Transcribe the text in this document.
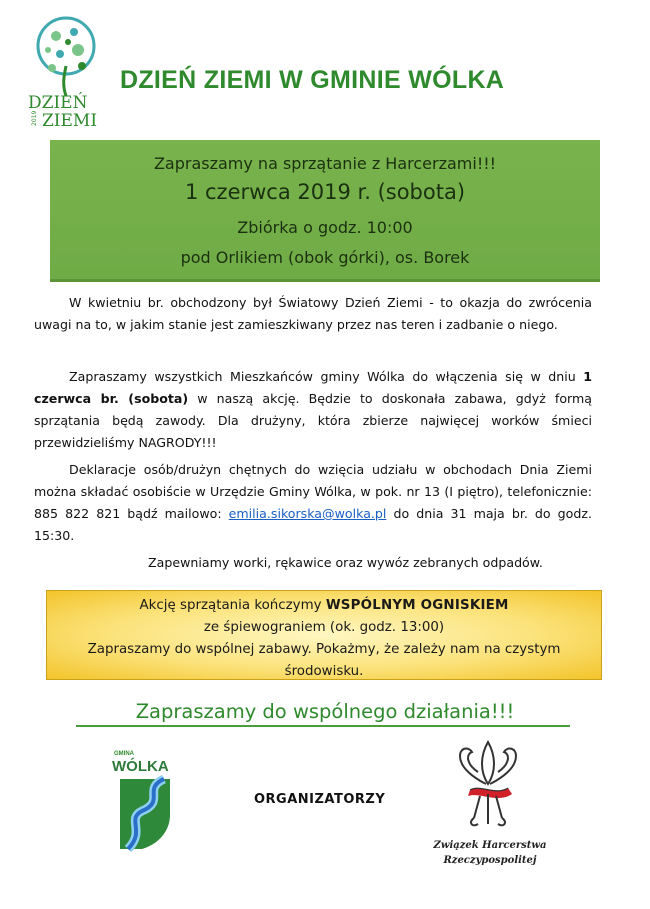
DZIEŃ
ZIEMI
2019
DZIEŃ ZIEMI W GMINIE WÓLKA
Zapraszamy na sprzątanie z Harcerzami!!!
1 czerwca 2019 r. (sobota)
Zbiórka o godz. 10:00
pod Orlikiem (obok górki), os. Borek
W kwietniu br. obchodzony był Światowy Dzień Ziemi - to okazja do zwrócenia uwagi na to, w jakim stanie jest zamieszkiwany przez nas teren i zadbanie o niego.
Zapraszamy wszystkich Mieszkańców gminy Wólka do włączenia się w dniu 1 czerwca br. (sobota) w naszą akcję. Będzie to doskonała zabawa, gdyż formą sprzątania będą zawody. Dla drużyny, która zbierze najwięcej worków śmieci przewidzieliśmy NAGRODY!!!
Deklaracje osób/drużyn chętnych do wzięcia udziału w obchodach Dnia Ziemi można składać osobiście w Urzędzie Gminy Wólka, w pok. nr 13 (I piętro), telefonicznie: 885 822 821 bądź mailowo: emilia.sikorska@wolka.pl do dnia 31 maja br. do godz. 15:30.
Zapewniamy worki, rękawice oraz wywóz zebranych odpadów.
Akcję sprzątania kończymy WSPÓLNYM OGNISKIEM
ze śpiewograniem (ok. godz. 13:00)
Zapraszamy do wspólnej zabawy. Pokażmy, że zależy nam na czystym środowisku.
Zapraszamy do wspólnego działania!!!
GMINA
WÓLKA
ORGANIZATORZY
Związek Harcerstwa
Rzeczypospolitej
